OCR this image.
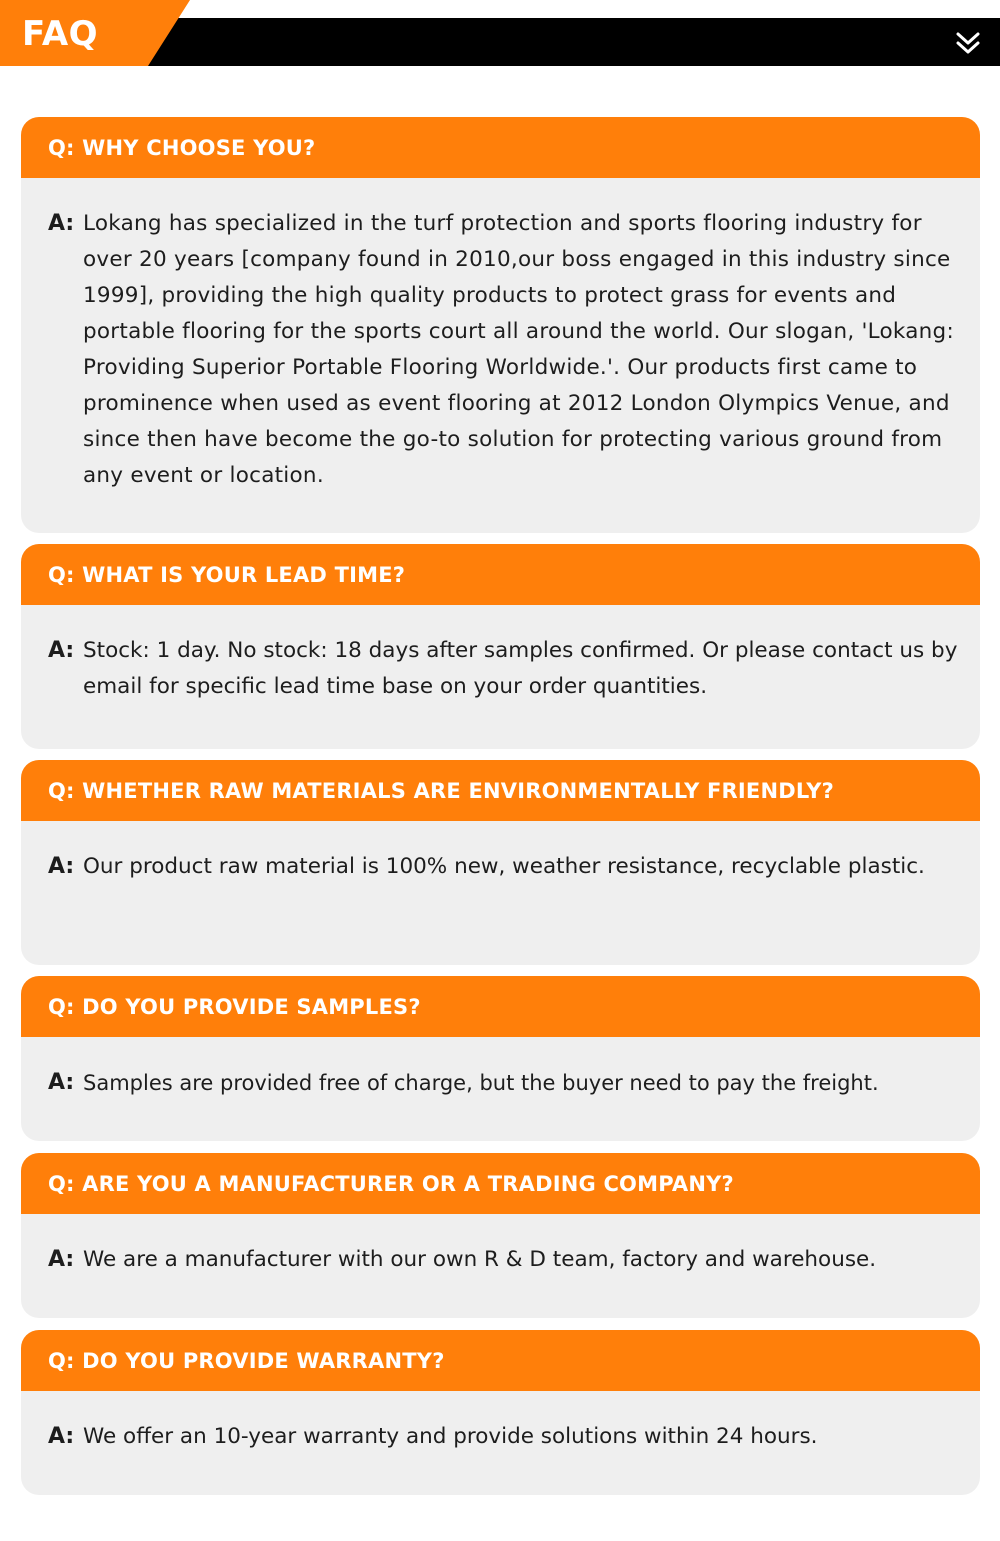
FAQ
Q: WHY CHOOSE YOU?
A: Lokang has specialized in the turf protection and sports flooring industry for over 20 years [company found in 2010,our boss engaged in this industry since 1999], providing the high quality products to protect grass for events and portable flooring for the sports court all around the world. Our slogan, 'Lokang: Providing Superior Portable Flooring Worldwide.'. Our products first came to prominence when used as event flooring at 2012 London Olympics Venue, and since then have become the go-to solution for protecting various ground from any event or location.

Q: WHAT IS YOUR LEAD TIME?
A: Stock: 1 day. No stock: 18 days after samples confirmed. Or please contact us by email for specific lead time base on your order quantities.

Q: WHETHER RAW MATERIALS ARE ENVIRONMENTALLY FRIENDLY?
A: Our product raw material is 100% new, weather resistance, recyclable plastic.

Q: DO YOU PROVIDE SAMPLES?
A: Samples are provided free of charge, but the buyer need to pay the freight.

Q: ARE YOU A MANUFACTURER OR A TRADING COMPANY?
A: We are a manufacturer with our own R & D team, factory and warehouse.

Q: DO YOU PROVIDE WARRANTY?
A: We offer an 10-year warranty and provide solutions within 24 hours.
